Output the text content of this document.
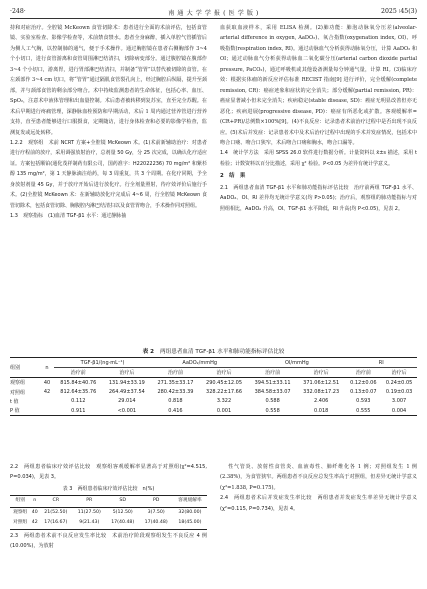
·248·	南 通 大 学 学 报 ( 医 学 版 )	2025 ∶45(3)

持和对症治疗。全腔镜 McKeown 食管切除术：患者进行全面的术前评估，包括食管镜、实验室检查、影像学检查等，术前禁食禁水。患者全身麻醉，插入单腔气管插管后为侧人工气胸，以控制肺的通气，便于手术操作。通过胸腔镜在患者右侧胸部作 3~4 个小切口，进行食管游离和食管周围淋巴结清扫，切除病变部分。通过腹腔镜在腹部作 3~4 个小切口，游离胃，进行胃部淋巴结清扫，并制备“管胃”以替代被切除的食管。在左颈部作 3~4 cm 切口，将“管胃”通过隔肌食管裂孔向上，经过胸腔后纵隔，提升至颈部，并与颈部食管的剩余部分吻合。术中持续监测患者的生命体征，包括心率、血压、SpO₂，注意术中液体管理和出血量控制。术后患者被转移到复苏室，直至完全苏醒。在术后早期进行疼痛管理，深静脉血栓预防和早期活动，术后 1 周内通过营养管进行营养支持，直至患者能够进行口服摄食，定期随访，进行身体检查和必要的影像学检查，监测复发或远处转移。

1.2.2　观察组　术前 NCRT 方案+全腔镜 McKeown 术。(1)术前新辅助治疗：对患者进行疗程前的放疗，采用调强放射治疗，总剂量 50 Gy，分 25 次完成，以确认化疗适应证。方案包括顺铂(通化茂祥制药有限公司，国药准字：H22022236) 70 mg/m² 和紫杉醇 135 mg/m²，第 1 天静脉滴注给药，每 3 周重复，共 3 个周期。在化疗同期，予全身放射剂量 45 Gy，并于放疗开始后进行放化疗。行全剂量照射，待疗效评价后施行手术。(2)全腔镜 McKeown 术：在新辅助放化疗完成后 4~6 周，行全腔镜 McKeown 食管切除术，包括食管切除、胸腹腔内淋巴结清扫以及食管胃吻合，手术操作同对照组。

1.3　观察指标　(1)血清 TGF-β1 水平：通过静脉抽

血获取血液样本，采用 ELISA 检测。(2)肺功能：肺泡动脉氧分压差(alveolar-arterial difference in oxygen, AaDO₂)、氧合指数(oxygenation index, OI)、呼吸指数(respiration index, RI)。通过动脉血气分析获得动脉氧分压，计算 AaDO₂ 和 OI；通过动脉血气分析获得动脉血二氧化碳分压(arterial carbon dioxide partial pressure, PaCO₂)，通过呼吸机或其他设备测量每分钟通气量，计算 RI。(3)临床疗效：根据实体瘤的新反应评估标准 RECIST 指南[9] 进行评价，完全缓解(complete remission, CR)：癌症迹象和症状的完全消失；部分缓解(partial remission, PR)：癌症显著减小但未完全消失；疾病稳定(stable disease, SD)：癌症无明显改善但亦无恶化；疾病进展(progressive disease, PD)：癌症有所恶化或扩散。客观缓解率=(CR+PR)/总例数×100%[9]。(4)不良反应：记录患者术前治疗过程中是否出现不良反应。(5)术后并发症：记录患者术中及术后治疗过程中出现的手术并发症情况，包括术中吻合口瘘、吻合口狭窄，术后吻合口瘘和胸水，吻合口漏等。

1.4　统计学方法　采用 SPSS 26.0 软件进行数据分析。计量资料以 x̄±s 描述，采用 t 检验；计数资料以百分比描述，采用 χ² 检验。P<0.05 为差异有统计学意义。

2　结　果

2.1　两组患者血清 TGF-β1 水平和肺功能指标评估比较　治疗前两组 TGF-β1 水平、AaDO₂、OI、RI 差异均无统计学意义(均 P>0.05)；治疗后，观察组的肺功能指标与对照组相比，AaDO₂ 升高，OI、TGF-β1 水平降低，RI 升高(均 P<0.05)，见表 2。

表 2 两组患者血清 TGF-β1 水平和肺功能指标评估比较
组别	n	TGF-β1/(ng·mL⁻¹)		AaDO₂/mmHg		OI/mmHg		RI	
		治疗前	治疗后	治疗前	治疗后	治疗前	治疗后	治疗前	治疗后
观察组	40	815.84±40.76	131.94±33.19	271.35±33.17	290.45±12.05	394.51±33.11	371.06±12.51	0.12±0.06	0.24±0.05
对照组	42	812.64±35.76	264.49±37.54	280.42±33.39	328.22±17.66	384.58±33.07	332.08±17.23	0.13±0.07	0.19±0.03
t 值		0.112	29.014	0.818	3.322	0.588	2.406	0.593	3.007
P 值		0.911	<0.001	0.416	0.001	0.558	0.018	0.555	0.004

2.2　两组患者临床疗效评估比较　观察组客观缓解率显著高于对照组(χ²=4.515, P=0.034)，见表 3。

表 3　 两组患者临床疗效评估比较　 n(%)
组别	n	CR	PR	SD	PD	客观缓解率
观察组	40	21(52.50)	11(27.50)	5(12.50)	3(7.50)	32(80.00)
对照组	42	17(16.67)	9(21.43)	17(40.48)	17(40.48)	18(45.00)

2.3　两组患者术前不良反应发生率比较　术前治疗阶段观察组发生不良反应 4 例(10.00%)，为放射

性气管炎、放射性食管炎、血液毒性、肺纤维化各 1 例；对照组发生 1 例(2.38%)，为食管狭窄。两组患者不良反应总发生率高于对照组，但差异无统计学意义(χ²=1.838, P=0.175)。

2.4　两组患者术后并发症发生率比较　两组患者并发症发生率差异无统计学意义(χ²=0.115, P=0.734)，见表 4。
